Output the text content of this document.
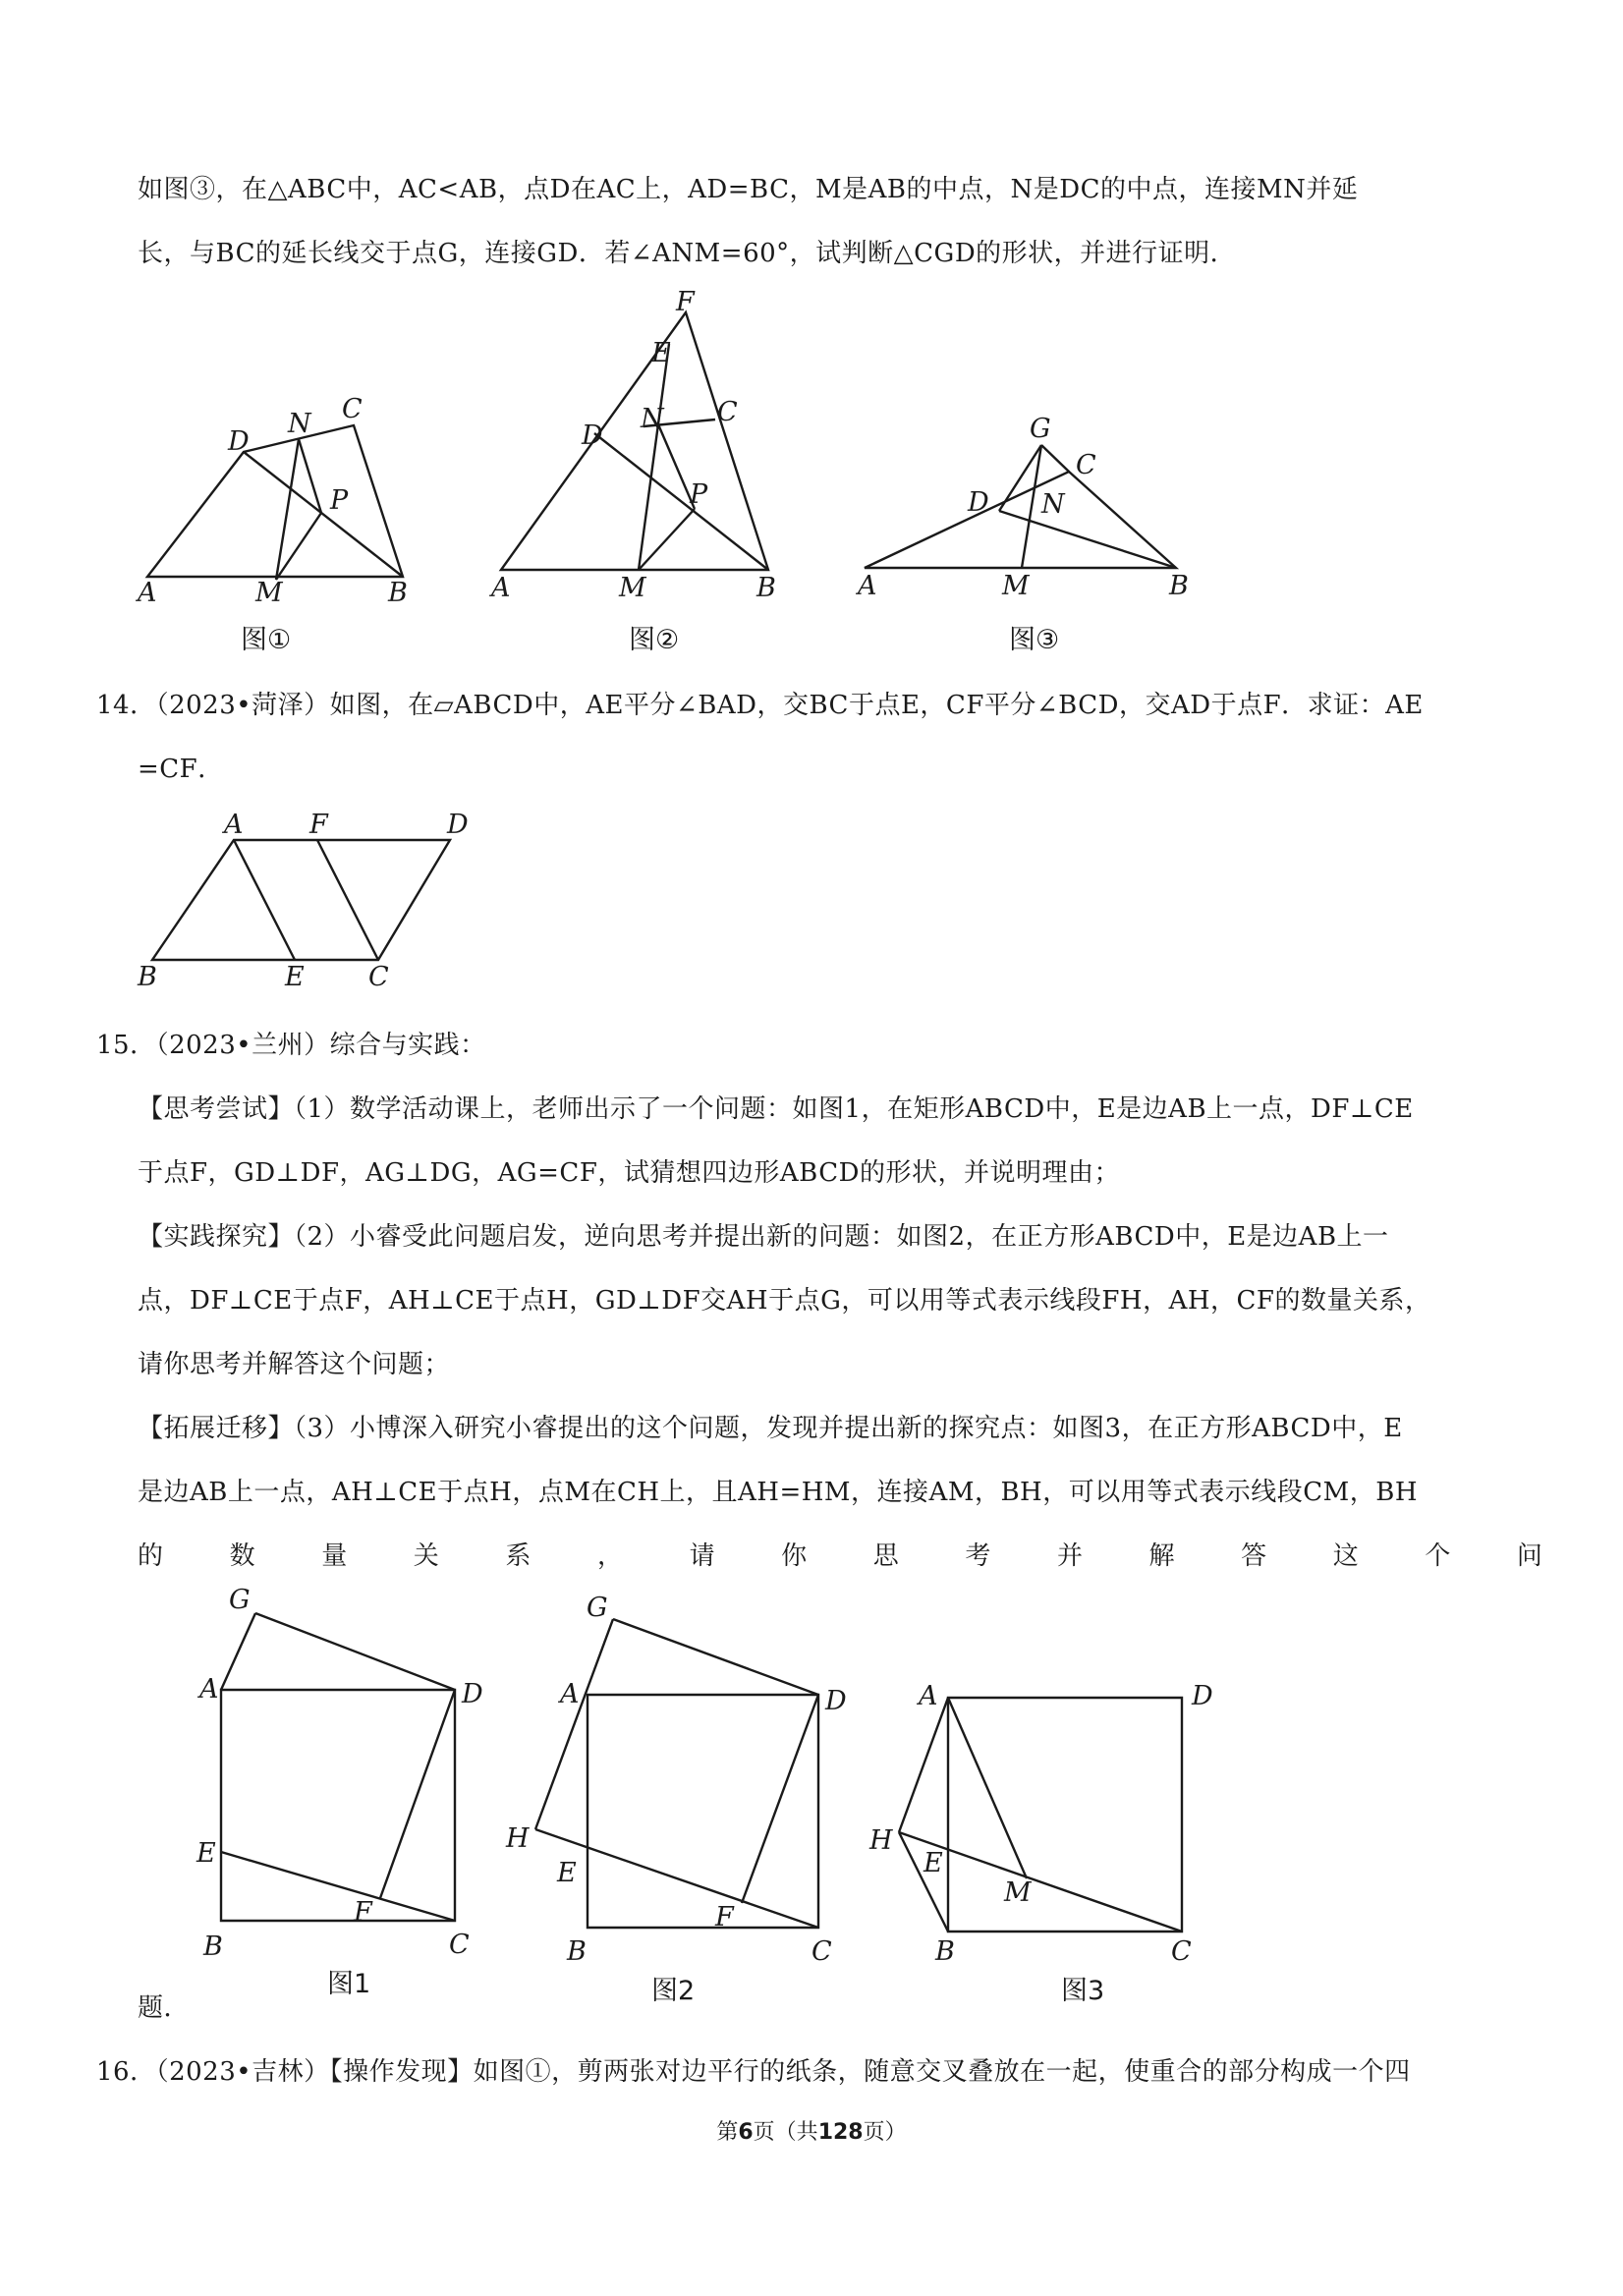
如图③，在△ABC中，AC<AB，点D在AC上，AD=BC，M是AB的中点，N是DC的中点，连接MN并延
长，与BC的延长线交于点G，连接GD．若∠ANM=60°，试判断△CGD的形状，并进行证明．
14．（2023•菏泽）如图，在▱ABCD中，AE平分∠BAD，交BC于点E，CF平分∠BCD，交AD于点F．求证：AE
=CF．
15．（2023•兰州）综合与实践：
【思考尝试】（1）数学活动课上，老师出示了一个问题：如图1，在矩形ABCD中，E是边AB上一点，DF⊥CE
于点F，GD⊥DF，AG⊥DG，AG=CF，试猜想四边形ABCD的形状，并说明理由；
【实践探究】（2）小睿受此问题启发，逆向思考并提出新的问题：如图2，在正方形ABCD中，E是边AB上一
点，DF⊥CE于点F，AH⊥CE于点H，GD⊥DF交AH于点G，可以用等式表示线段FH，AH，CF的数量关系，
请你思考并解答这个问题；
【拓展迁移】（3）小博深入研究小睿提出的这个问题，发现并提出新的探究点：如图3，在正方形ABCD中，E
是边AB上一点，AH⊥CE于点H，点M在CH上，且AH=HM，连接AM，BH，可以用等式表示线段CM，BH
的	数	量	关	系	，	请	你	思	考	并	解	答	这	个	问
题．
16．（2023•吉林）【操作发现】如图①，剪两张对边平行的纸条，随意交叉叠放在一起，使重合的部分构成一个四
A	M	B
C
N
D
P
图①
F
E
C
D
N
P
A	M	B
图②
G
C
D N
A	M	B
图③
A	F	D
B	E C
G
A	D
E
F
B	C
图1
G
A	D
H
E
F
B	C
图2
A	D
H
E
M
B	C
图3
第6页（共128页）
